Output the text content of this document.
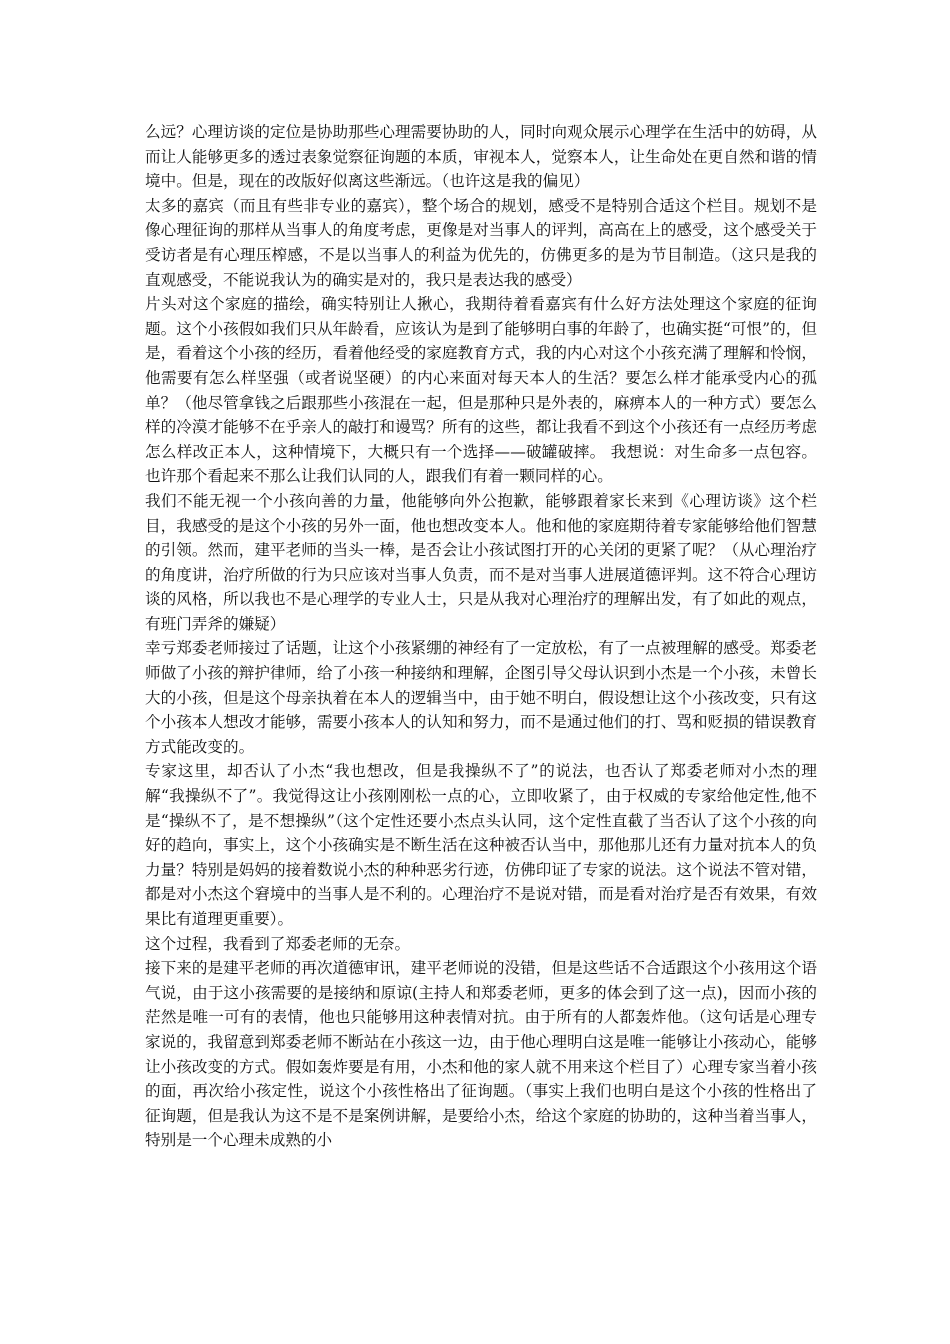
么远？心理访谈的定位是协助那些心理需要协助的人，同时向观众展示心理学在生活中的妨碍，从而让人能够更多的透过表象觉察征询题的本质，审视本人，觉察本人，让生命处在更自然和谐的情境中。但是，现在的改版好似离这些渐远。（也许这是我的偏见）

太多的嘉宾（而且有些非专业的嘉宾），整个场合的规划，感受不是特别合适这个栏目。规划不是像心理征询的那样从当事人的角度考虑，更像是对当事人的评判，高高在上的感受，这个感受关于受访者是有心理压榨感，不是以当事人的利益为优先的，仿佛更多的是为节目制造。（这只是我的直观感受，不能说我认为的确实是对的，我只是表达我的感受）

片头对这个家庭的描绘，确实特别让人揪心，我期待着看嘉宾有什么好方法处理这个家庭的征询题。这个小孩假如我们只从年龄看，应该认为是到了能够明白事的年龄了，也确实挺“可恨”的，但是，看着这个小孩的经历，看着他经受的家庭教育方式，我的内心对这个小孩充满了理解和怜悯，他需要有怎么样坚强（或者说坚硬）的内心来面对每天本人的生活？要怎么样才能承受内心的孤单？（他尽管拿钱之后跟那些小孩混在一起，但是那种只是外表的，麻痹本人的一种方式）要怎么样的冷漠才能够不在乎亲人的敲打和谩骂？所有的这些，都让我看不到这个小孩还有一点经历考虑怎么样改正本人，这种情境下，大概只有一个选择——破罐破摔。 我想说：对生命多一点包容。也许那个看起来不那么让我们认同的人，跟我们有着一颗同样的心。

我们不能无视一个小孩向善的力量，他能够向外公抱歉，能够跟着家长来到《心理访谈》这个栏目，我感受的是这个小孩的另外一面，他也想改变本人。他和他的家庭期待着专家能够给他们智慧的引领。然而，建平老师的当头一棒，是否会让小孩试图打开的心关闭的更紧了呢？（从心理治疗的角度讲，治疗所做的行为只应该对当事人负责，而不是对当事人进展道德评判。这不符合心理访谈的风格，所以我也不是心理学的专业人士，只是从我对心理治疗的理解出发，有了如此的观点，有班门弄斧的嫌疑）

幸亏郑委老师接过了话题，让这个小孩紧绷的神经有了一定放松，有了一点被理解的感受。郑委老师做了小孩的辩护律师，给了小孩一种接纳和理解，企图引导父母认识到小杰是一个小孩，未曾长大的小孩，但是这个母亲执着在本人的逻辑当中，由于她不明白，假设想让这个小孩改变，只有这个小孩本人想改才能够，需要小孩本人的认知和努力，而不是通过他们的打、骂和贬损的错误教育方式能改变的。

专家这里，却否认了小杰“我也想改，但是我操纵不了”的说法，也否认了郑委老师对小杰的理解“我操纵不了”。我觉得这让小孩刚刚松一点的心，立即收紧了，由于权威的专家给他定性,他不是“操纵不了，是不想操纵”（这个定性还要小杰点头认同，这个定性直截了当否认了这个小孩的向好的趋向，事实上，这个小孩确实是不断生活在这种被否认当中，那他那儿还有力量对抗本人的负力量？特别是妈妈的接着数说小杰的种种恶劣行迹，仿佛印证了专家的说法。这个说法不管对错，都是对小杰这个窘境中的当事人是不利的。心理治疗不是说对错，而是看对治疗是否有效果，有效果比有道理更重要）。

这个过程，我看到了郑委老师的无奈。

接下来的是建平老师的再次道德审讯，建平老师说的没错，但是这些话不合适跟这个小孩用这个语气说，由于这小孩需要的是接纳和原谅(主持人和郑委老师，更多的体会到了这一点)，因而小孩的茫然是唯一可有的表情，他也只能够用这种表情对抗。由于所有的人都轰炸他。（这句话是心理专家说的，我留意到郑委老师不断站在小孩这一边，由于他心理明白这是唯一能够让小孩动心，能够让小孩改变的方式。假如轰炸要是有用，小杰和他的家人就不用来这个栏目了）心理专家当着小孩的面，再次给小孩定性，说这个小孩性格出了征询题。（事实上我们也明白是这个小孩的性格出了征询题，但是我认为这不是不是案例讲解，是要给小杰，给这个家庭的协助的，这种当着当事人，特别是一个心理未成熟的小
